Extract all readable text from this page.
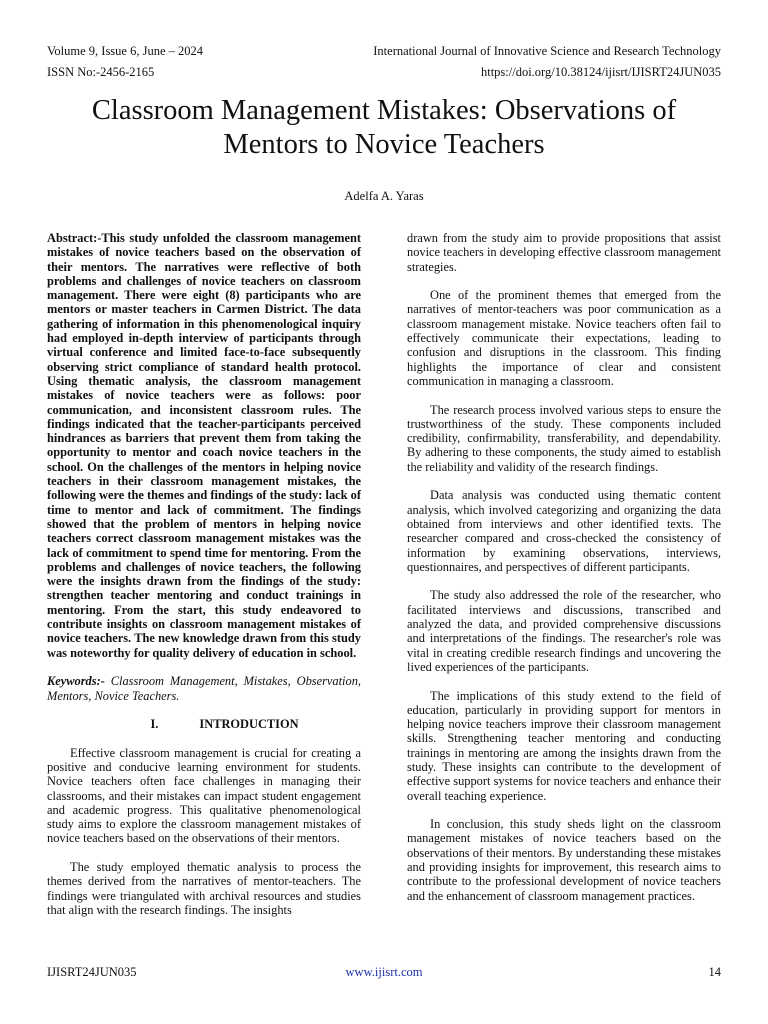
Volume 9, Issue 6, June – 2024	International Journal of Innovative Science and Research Technology
ISSN No:-2456-2165	https://doi.org/10.38124/ijisrt/IJISRT24JUN035
Classroom Management Mistakes: Observations of
Mentors to Novice Teachers
Adelfa A. Yaras

Abstract:-This study unfolded the classroom management mistakes of novice teachers based on the observation of their mentors. The narratives were reflective of both problems and challenges of novice teachers on classroom management. There were eight (8) participants who are mentors or master teachers in Carmen District. The data gathering of information in this phenomenological inquiry had employed in-depth interview of participants through virtual conference and limited face-to-face subsequently observing strict compliance of standard health protocol. Using thematic analysis, the classroom management mistakes of novice teachers were as follows: poor communication, and inconsistent classroom rules. The findings indicated that the teacher-participants perceived hindrances as barriers that prevent them from taking the opportunity to mentor and coach novice teachers in the school. On the challenges of the mentors in helping novice teachers in their classroom management mistakes, the following were the themes and findings of the study: lack of time to mentor and lack of commitment. The findings showed that the problem of mentors in helping novice teachers correct classroom management mistakes was the lack of commitment to spend time for mentoring. From the problems and challenges of novice teachers, the following were the insights drawn from the findings of the study: strengthen teacher mentoring and conduct trainings in mentoring. From the start, this study endeavored to contribute insights on classroom management mistakes of novice teachers. The new knowledge drawn from this study was noteworthy for quality delivery of education in school.

Keywords:- Classroom Management, Mistakes, Observation, Mentors, Novice Teachers.

I.	INTRODUCTION

Effective classroom management is crucial for creating a positive and conducive learning environment for students. Novice teachers often face challenges in managing their classrooms, and their mistakes can impact student engagement and academic progress. This qualitative phenomenological study aims to explore the classroom management mistakes of novice teachers based on the observations of their mentors.

The study employed thematic analysis to process the themes derived from the narratives of mentor-teachers. The findings were triangulated with archival resources and studies that align with the research findings. The insights

drawn from the study aim to provide propositions that assist novice teachers in developing effective classroom management strategies.

One of the prominent themes that emerged from the narratives of mentor-teachers was poor communication as a classroom management mistake. Novice teachers often fail to effectively communicate their expectations, leading to confusion and disruptions in the classroom. This finding highlights the importance of clear and consistent communication in managing a classroom.

The research process involved various steps to ensure the trustworthiness of the study. These components included credibility, confirmability, transferability, and dependability. By adhering to these components, the study aimed to establish the reliability and validity of the research findings.

Data analysis was conducted using thematic content analysis, which involved categorizing and organizing the data obtained from interviews and other identified texts. The researcher compared and cross-checked the consistency of information by examining observations, interviews, questionnaires, and perspectives of different participants.

The study also addressed the role of the researcher, who facilitated interviews and discussions, transcribed and analyzed the data, and provided comprehensive discussions and interpretations of the findings. The researcher's role was vital in creating credible research findings and uncovering the lived experiences of the participants.

The implications of this study extend to the field of education, particularly in providing support for mentors in helping novice teachers improve their classroom management skills. Strengthening teacher mentoring and conducting trainings in mentoring are among the insights drawn from the study. These insights can contribute to the development of effective support systems for novice teachers and enhance their overall teaching experience.

In conclusion, this study sheds light on the classroom management mistakes of novice teachers based on the observations of their mentors. By understanding these mistakes and providing insights for improvement, this research aims to contribute to the professional development of novice teachers and the enhancement of classroom management practices.

IJISRT24JUN035	www.ijisrt.com	14
